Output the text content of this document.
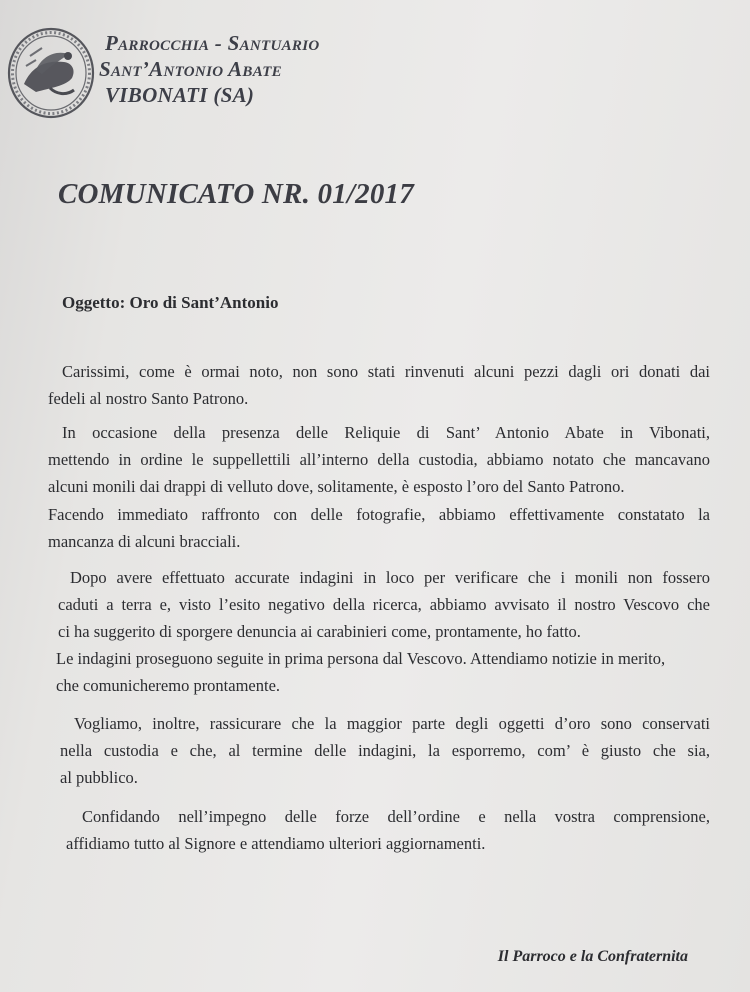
Parrocchia - Santuario
Sant’Antonio Abate
VIBONATI (SA)
COMUNICATO NR. 01/2017
Oggetto: Oro di Sant’Antonio
Carissimi, come è ormai noto, non sono stati rinvenuti alcuni pezzi dagli ori donati dai
fedeli al nostro Santo Patrono.
In occasione della presenza delle Reliquie di Sant’ Antonio Abate in Vibonati,
mettendo in ordine le suppellettili all’interno della custodia, abbiamo notato che mancavano
alcuni monili dai drappi di velluto dove, solitamente, è esposto l’oro del Santo Patrono.
Facendo immediato raffronto con delle fotografie, abbiamo effettivamente constatato la
mancanza di alcuni bracciali.
Dopo avere effettuato accurate indagini in loco per verificare che i monili non fossero
caduti a terra e, visto l’esito negativo della ricerca, abbiamo avvisato il nostro Vescovo che
ci ha suggerito di sporgere denuncia ai carabinieri come, prontamente, ho fatto.
Le indagini proseguono seguite in prima persona dal Vescovo. Attendiamo notizie in merito,
che comunicheremo prontamente.
Vogliamo, inoltre, rassicurare che la maggior parte degli oggetti d’oro sono conservati
nella custodia e che, al termine delle indagini, la esporremo, com’ è giusto che sia,
al pubblico.
Confidando nell’impegno delle forze dell’ordine e nella vostra comprensione,
affidiamo tutto al Signore e attendiamo ulteriori aggiornamenti.
Il Parroco e la Confraternita
